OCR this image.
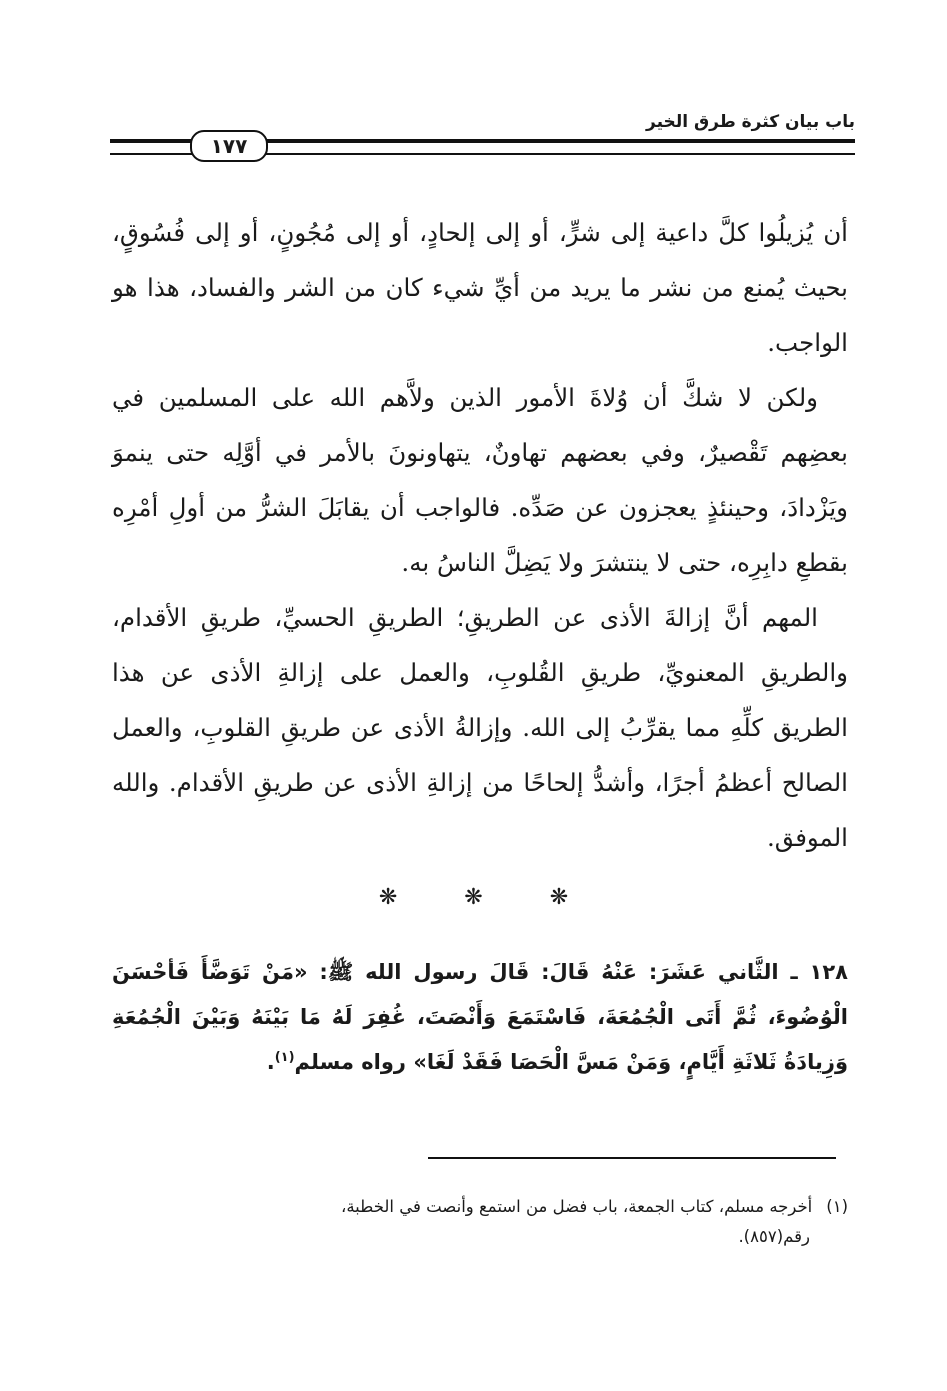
باب بيان كثرة طرق الخير
١٧٧

أن يُزيلُوا كلَّ داعية إلى شرٍّ، أو إلى إلحادٍ، أو إلى مُجُونٍ، أو إلى فُسُوقٍ، بحيث يُمنع من نشر ما يريد من أيِّ شيء كان من الشر والفساد، هذا هو الواجب.

ولكن لا شكَّ أن وُلاةَ الأمور الذين ولاَّهم الله على المسلمين في بعضِهم تَقْصيرٌ، وفي بعضهم تهاونٌ، يتهاونونَ بالأمر في أوَّلِه حتى ينموَ ويَزْدادَ، وحينئذٍ يعجزون عن صَدِّه. فالواجب أن يقابَلَ الشرُّ من أولِ أمْرِه بقطعِ دابِرِه، حتى لا ينتشرَ ولا يَضِلَّ الناسُ به.

المهم أنَّ إزالةَ الأذى عن الطريقِ؛ الطريقِ الحسيِّ، طريقِ الأقدام، والطريقِ المعنويِّ، طريقِ القُلوبِ، والعمل على إزالةِ الأذى عن هذا الطريق كلِّهِ مما يقرِّبُ إلى الله. وإزالةُ الأذى عن طريقِ القلوبِ، والعمل الصالح أعظمُ أجرًا، وأشدُّ إلحاحًا من إزالةِ الأذى عن طريقِ الأقدام. والله الموفق.

❋ ❋ ❋
١٢٨ ـ الثَّاني عَشَرَ: عَنْهُ قَالَ: قَالَ رسول الله ﷺ: «مَنْ تَوَضَّأَ فَأحْسَنَ الْوُضُوءَ، ثُمَّ أَتَى الْجُمُعَةَ، فَاسْتَمَعَ وَأَنْصَتَ، غُفِرَ لَهُ مَا بَيْنَهُ وَبَيْنَ الْجُمُعَةِ وَزِيادَةُ ثَلاثَةِ أَيَّامٍ، وَمَنْ مَسَّ الْحَصَا فَقَدْ لَغَا» رواه مسلم$^{(١)}$.
(١)أخرجه مسلم، كتاب الجمعة، باب فضل من استمع وأنصت في الخطبة،
رقم(٨٥٧).
